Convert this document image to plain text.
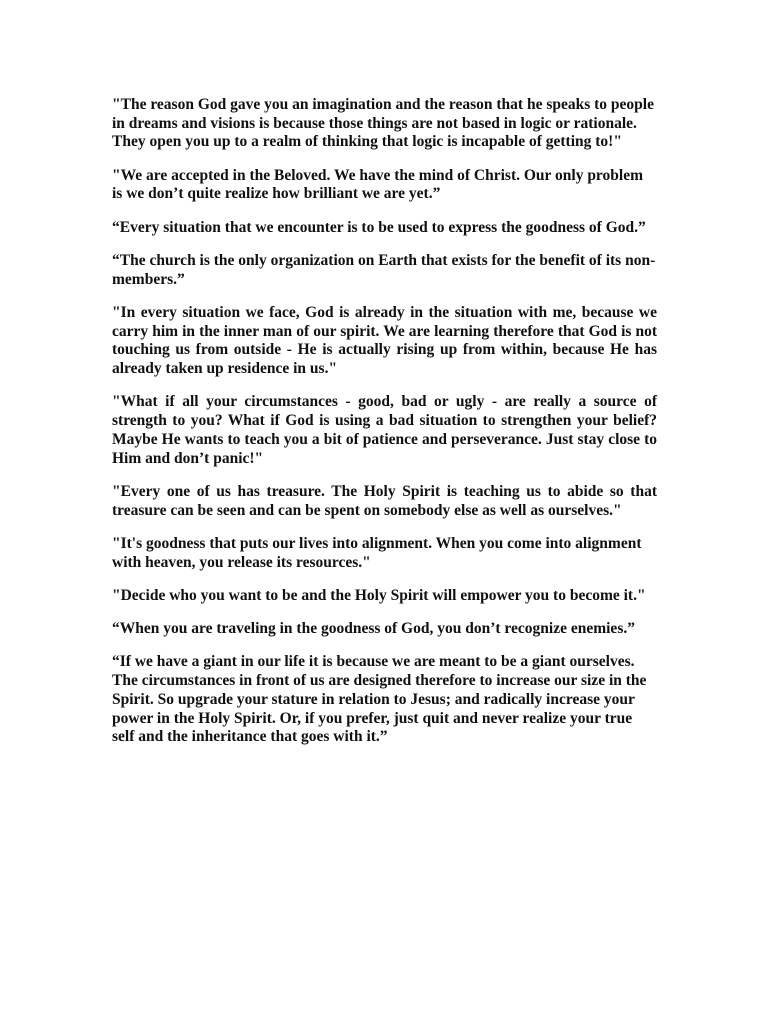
"The reason God gave you an imagination and the reason that he speaks to people in dreams and visions is because those things are not based in logic or rationale. They open you up to a realm of thinking that logic is incapable of getting to!"

"We are accepted in the Beloved. We have the mind of Christ. Our only problem is we don’t quite realize how brilliant we are yet.”

“Every situation that we encounter is to be used to express the goodness of God.”

“The church is the only organization on Earth that exists for the benefit of its non-members.”

"In every situation we face, God is already in the situation with me, because we carry him in the inner man of our spirit. We are learning therefore that God is not touching us from outside - He is actually rising up from within, because He has already taken up residence in us."

"What if all your circumstances - good, bad or ugly - are really a source of strength to you? What if God is using a bad situation to strengthen your belief? Maybe He wants to teach you a bit of patience and perseverance. Just stay close to Him and don’t panic!"

"Every one of us has treasure. The Holy Spirit is teaching us to abide so that treasure can be seen and can be spent on somebody else as well as ourselves."

"It's goodness that puts our lives into alignment. When you come into alignment with heaven, you release its resources."

"Decide who you want to be and the Holy Spirit will empower you to become it."

“When you are traveling in the goodness of God, you don’t recognize enemies.”

“If we have a giant in our life it is because we are meant to be a giant ourselves. The circumstances in front of us are designed therefore to increase our size in the Spirit. So upgrade your stature in relation to Jesus; and radically increase your power in the Holy Spirit. Or, if you prefer, just quit and never realize your true self and the inheritance that goes with it.”
